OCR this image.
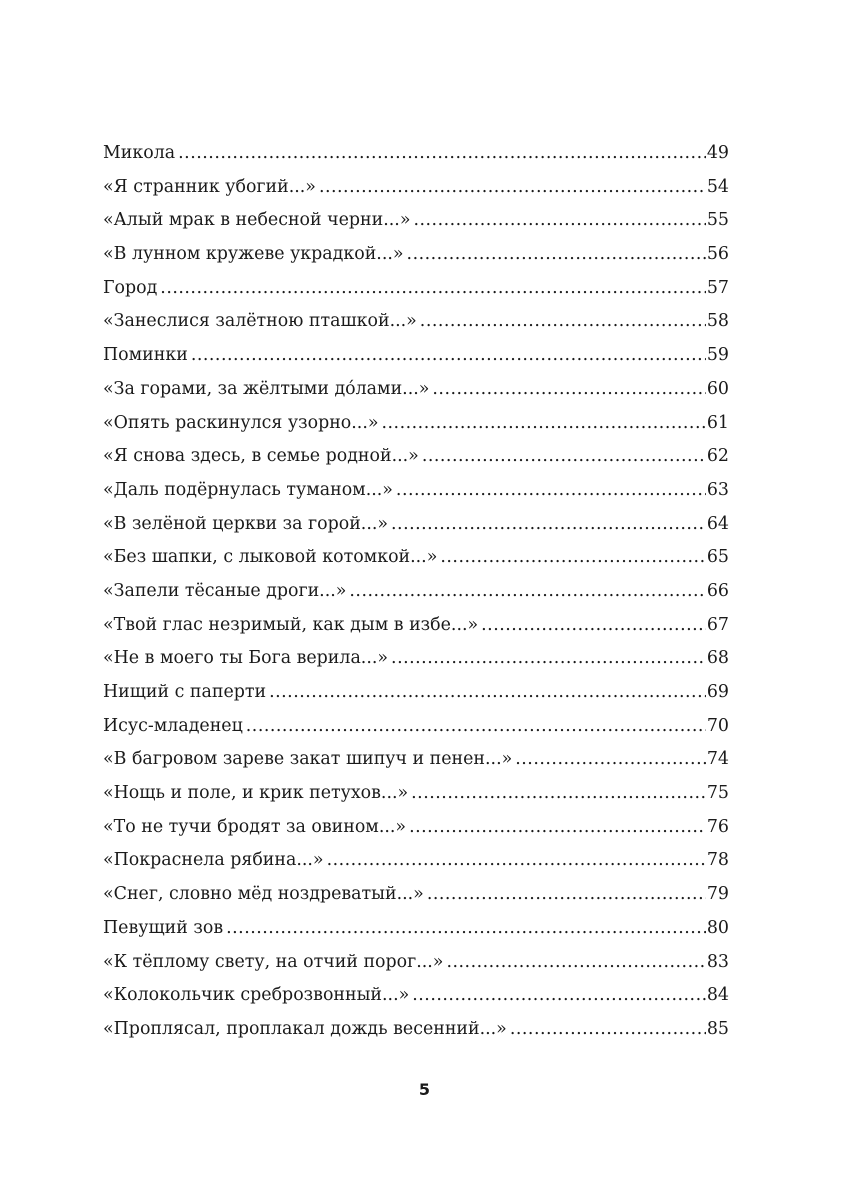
Микола .....	49
«Я странник убогий...» .....	54
«Алый мрак в небесной черни...» .....	55
«В лунном кружеве украдкой...» .....	56
Город .....	57
«Занеслися залётною пташкой...» .....	58
Поминки .....	59
«За горами, за жёлтыми до́лами...» .....	60
«Опять раскинулся узорно...» .....	61
«Я снова здесь, в семье родной...» .....	62
«Даль подёрнулась туманом...» .....	63
«В зелёной церкви за горой...» .....	64
«Без шапки, с лыковой котомкой...» .....	65
«Запели тёсаные дроги...» .....	66
«Твой глас незримый, как дым в избе...» .....	67
«Не в моего ты Бога верила...» .....	68
Нищий с паперти .....	69
Исус-младенец .....	70
«В багровом зареве закат шипуч и пенен...» .....	74
«Нощь и поле, и крик петухов...» .....	75
«То не тучи бродят за овином...» .....	76
«Покраснела рябина...» .....	78
«Снег, словно мёд ноздреватый...» .....	79
Певущий зов .....	80
«К тёплому свету, на отчий порог...» .....	83
«Колокольчик среброзвонный...» .....	84
«Проплясал, проплакал дождь весенний...» .....	85
5
